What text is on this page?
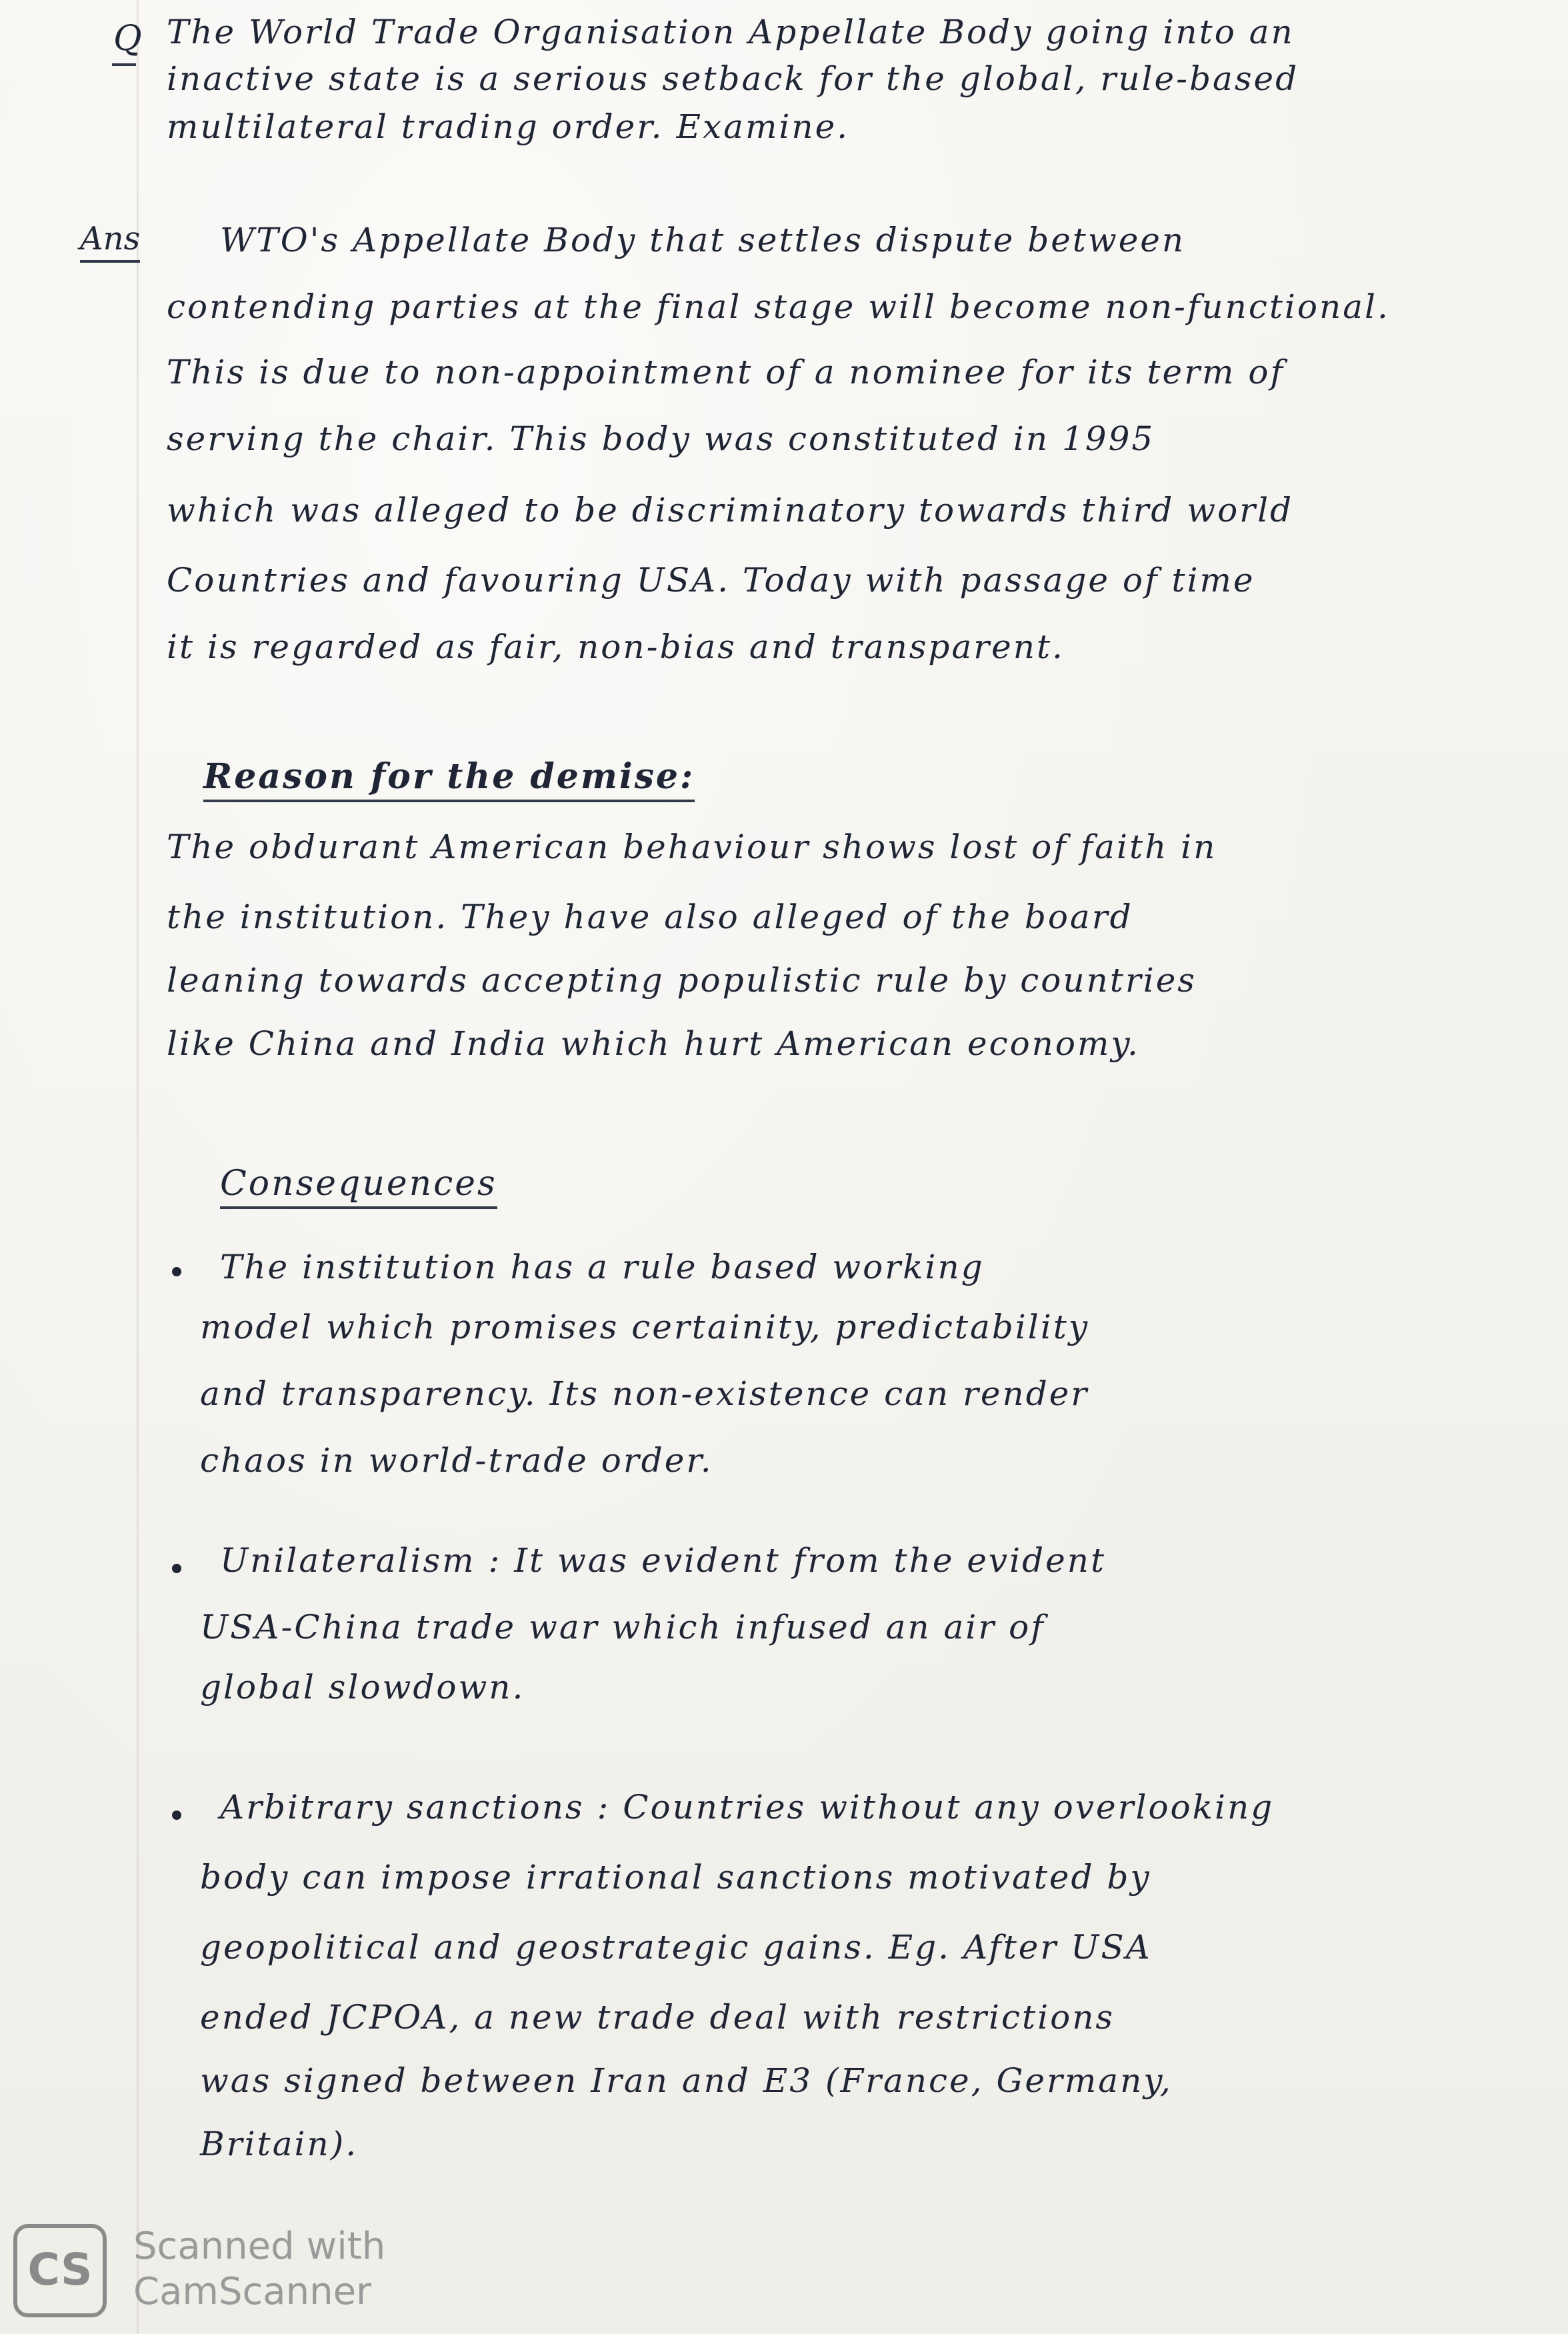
Q The World Trade Organisation Appellate Body going into an
inactive state is a serious setback for the global, rule-based
multilateral trading order. Examine.
Ans WTO's Appellate Body that settles dispute between
contending parties at the final stage will become non-functional.
This is due to non-appointment of a nominee for its term of
serving the chair. This body was constituted in 1995
which was alleged to be discriminatory towards third world
Countries and favouring USA. Today with passage of time
it is regarded as fair, non-bias and transparent.
Reason for the demise:
The obdurant American behaviour shows lost of faith in
the institution. They have also alleged of the board
leaning towards accepting populistic rule by countries
like China and India which hurt American economy.
Consequences
The institution has a rule based working
model which promises certainity, predictability
and transparency. Its non-existence can render
chaos in world-trade order.
Unilateralism : It was evident from the evident
USA-China trade war which infused an air of
global slowdown.
Arbitrary sanctions : Countries without any overlooking
body can impose irrational sanctions motivated by
geopolitical and geostrategic gains. Eg. After USA
ended JCPOA, a new trade deal with restrictions
was signed between Iran and E3 (France, Germany,
Britain).
CS	Scanned with
CamScanner
